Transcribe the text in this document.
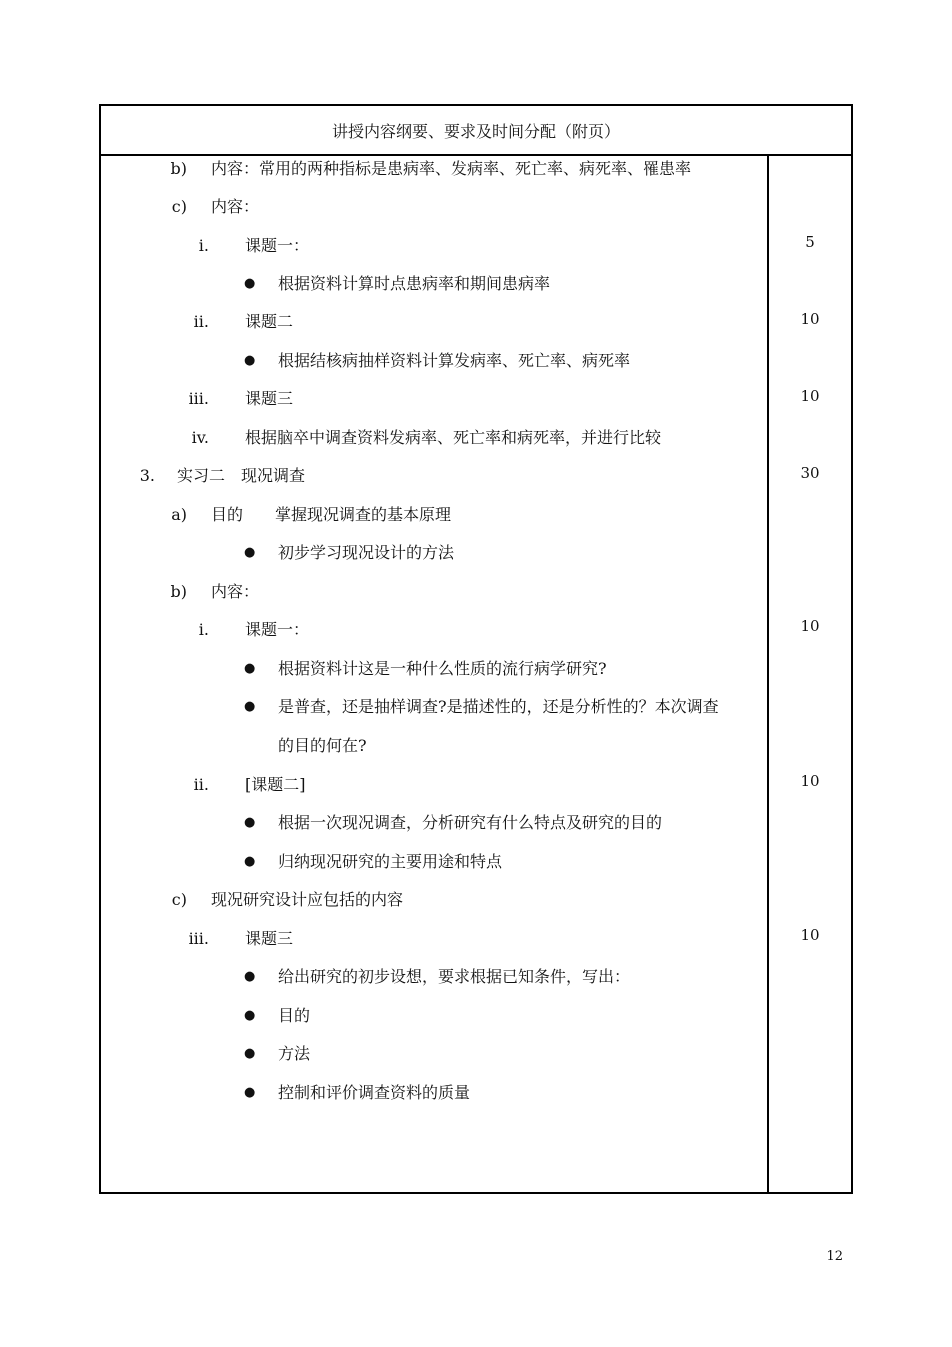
讲授内容纲要、要求及时间分配（附页）
b) 内容：常用的两种指标是患病率、发病率、死亡率、病死率、罹患率
c) 内容：
i. 课题一：	5
● 根据资料计算时点患病率和期间患病率
ii. 课题二	10
● 根据结核病抽样资料计算发病率、死亡率、病死率
iii. 课题三	10
iv. 根据脑卒中调查资料发病率、死亡率和病死率，并进行比较
3. 实习二　现况调查	30
a) 目的　　掌握现况调查的基本原理
● 初步学习现况设计的方法
b) 内容：
i. 课题一：	10
● 根据资料计这是一种什么性质的流行病学研究?
● 是普查，还是抽样调查?是描述性的，还是分析性的？本次调查
的目的何在?
ii. [课题二]	10
● 根据一次现况调查，分析研究有什么特点及研究的目的
● 归纳现况研究的主要用途和特点
c) 现况研究设计应包括的内容
iii. 课题三	10
● 给出研究的初步设想，要求根据已知条件，写出：
● 目的
● 方法
● 控制和评价调查资料的质量
12
